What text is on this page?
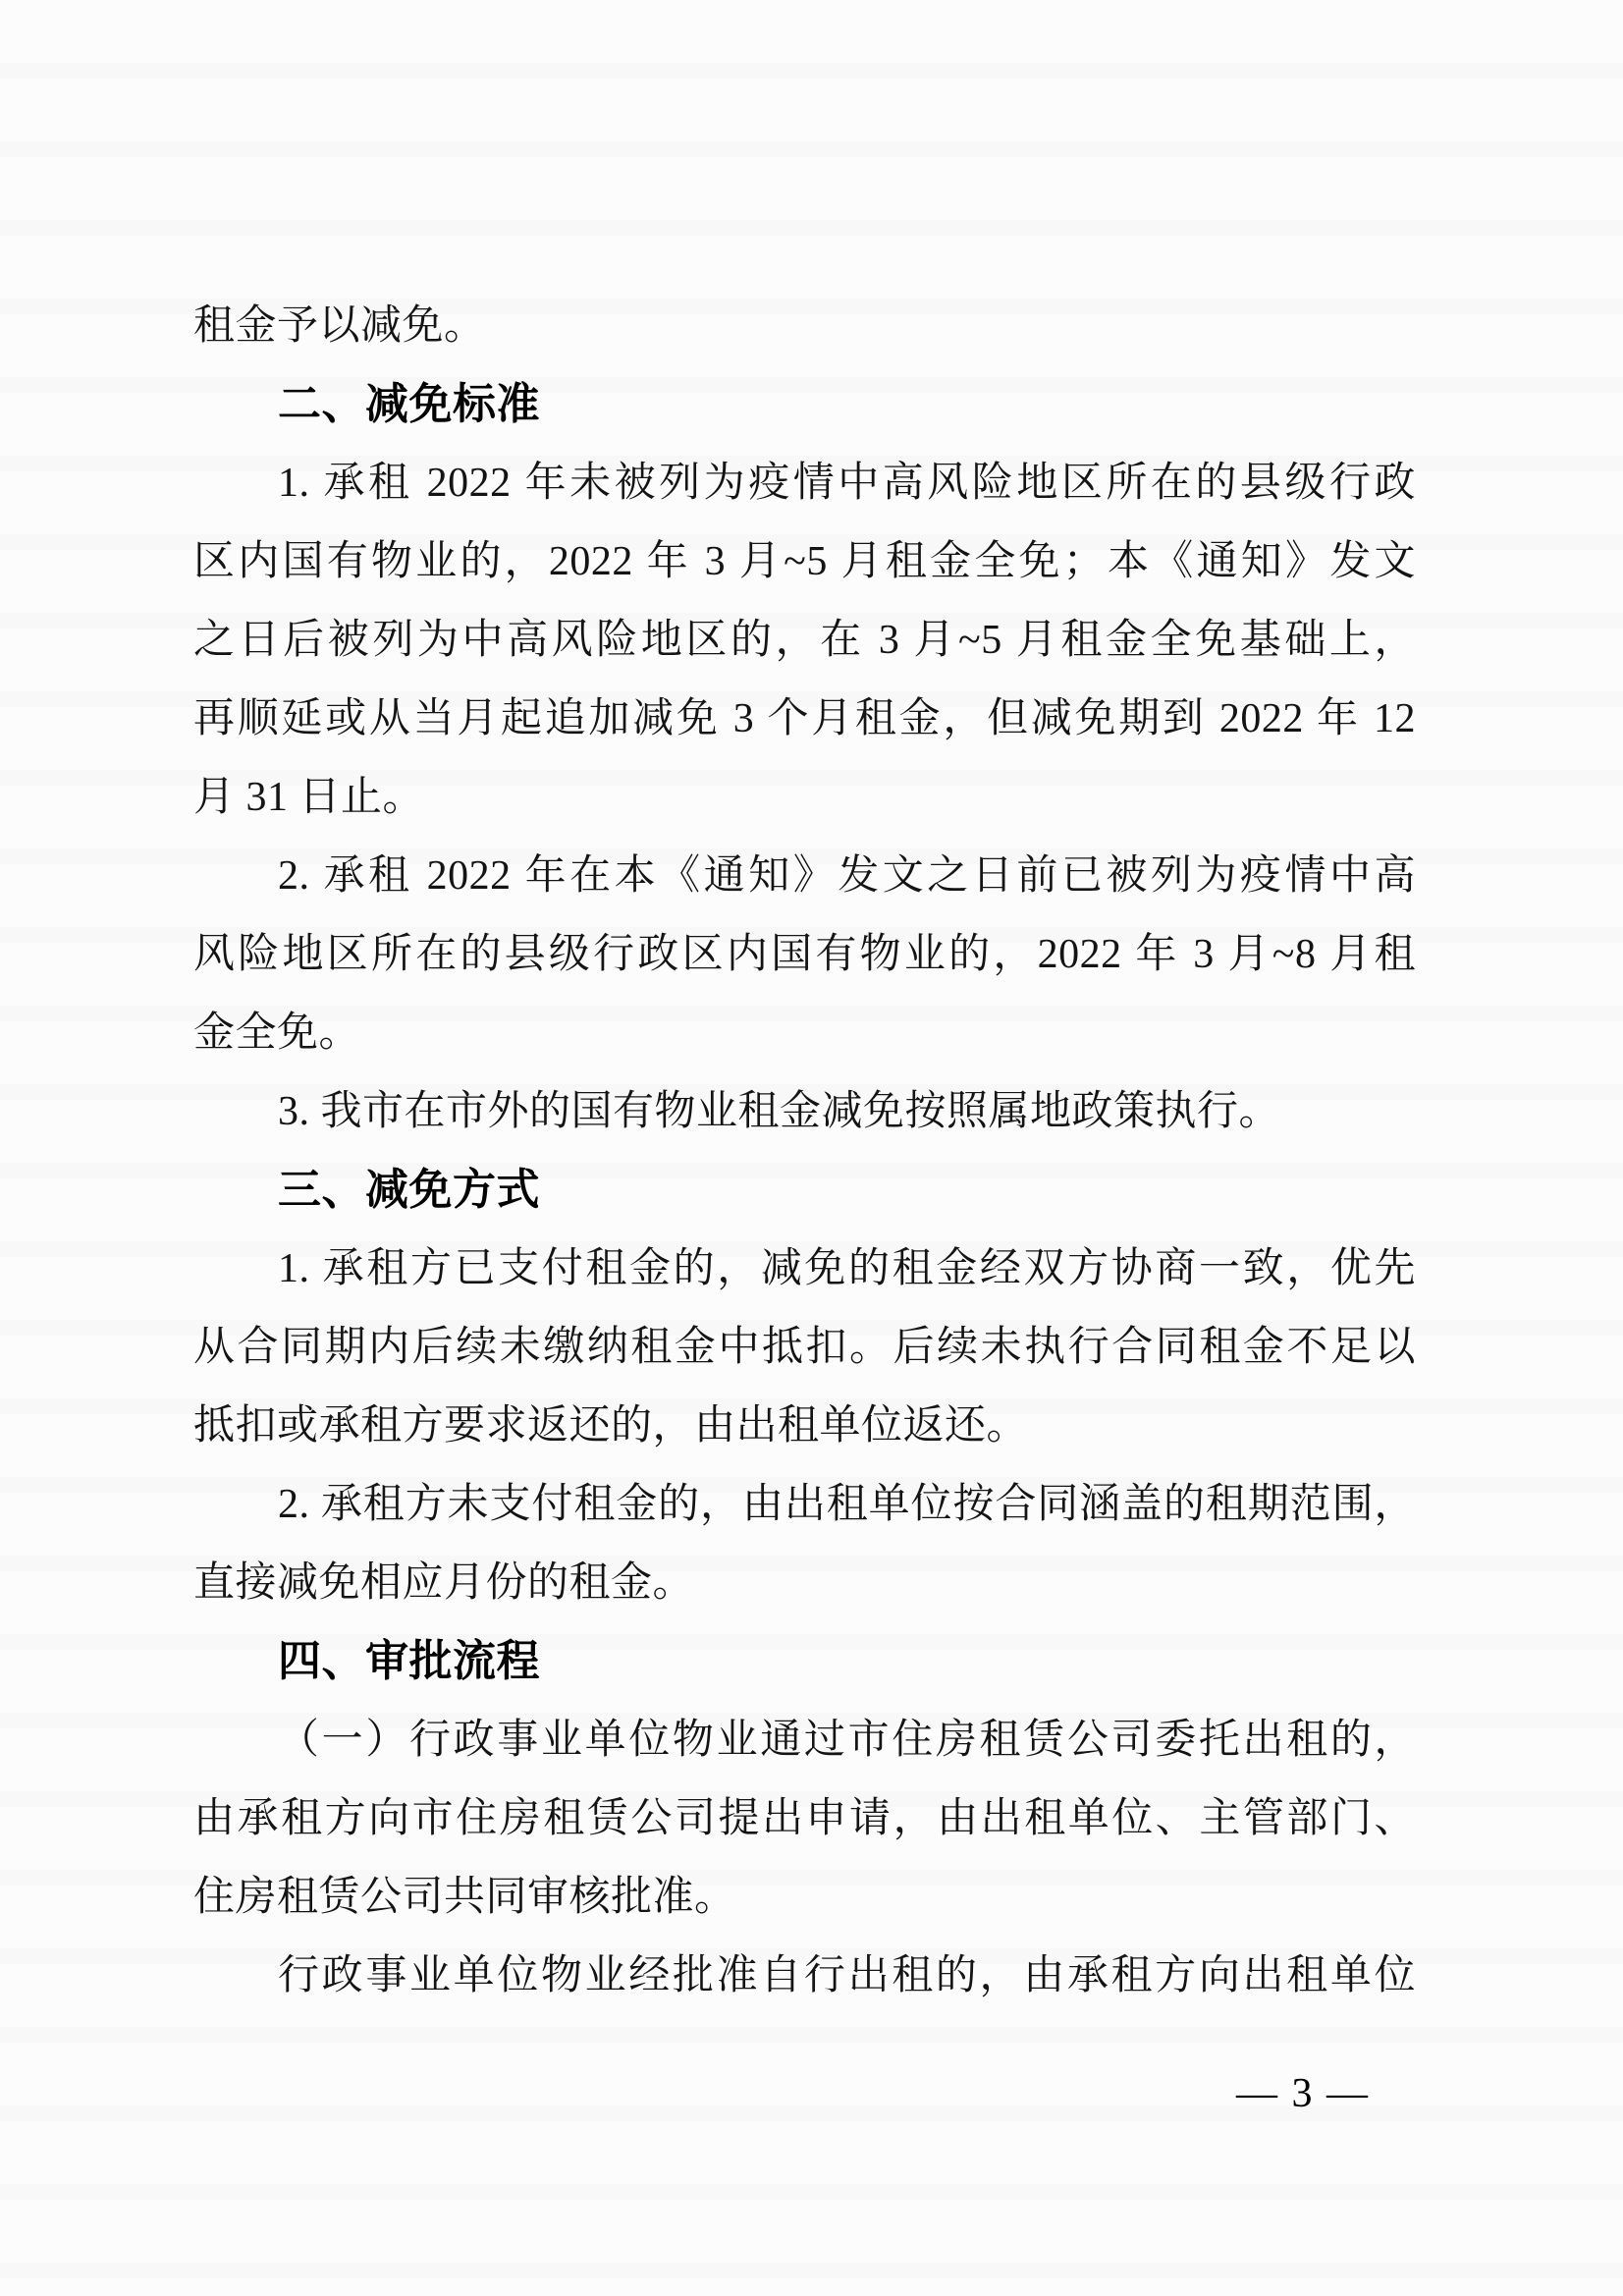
租金予以减免。
二、减免标准
1. 承租 2022 年未被列为疫情中高风险地区所在的县级行政
区内国有物业的，2022 年 3 月~5 月租金全免；本《通知》发文
之日后被列为中高风险地区的，在 3 月~5 月租金全免基础上，
再顺延或从当月起追加减免 3 个月租金，但减免期到 2022 年 12
月 31 日止。
2. 承租 2022 年在本《通知》发文之日前已被列为疫情中高
风险地区所在的县级行政区内国有物业的，2022 年 3 月~8 月租
金全免。
3. 我市在市外的国有物业租金减免按照属地政策执行。
三、减免方式
1. 承租方已支付租金的，减免的租金经双方协商一致，优先
从合同期内后续未缴纳租金中抵扣。后续未执行合同租金不足以
抵扣或承租方要求返还的，由出租单位返还。
2. 承租方未支付租金的，由出租单位按合同涵盖的租期范围，
直接减免相应月份的租金。
四、审批流程
（一）行政事业单位物业通过市住房租赁公司委托出租的，
由承租方向市住房租赁公司提出申请，由出租单位、主管部门、
住房租赁公司共同审核批准。
行政事业单位物业经批准自行出租的，由承租方向出租单位
— 3 —
